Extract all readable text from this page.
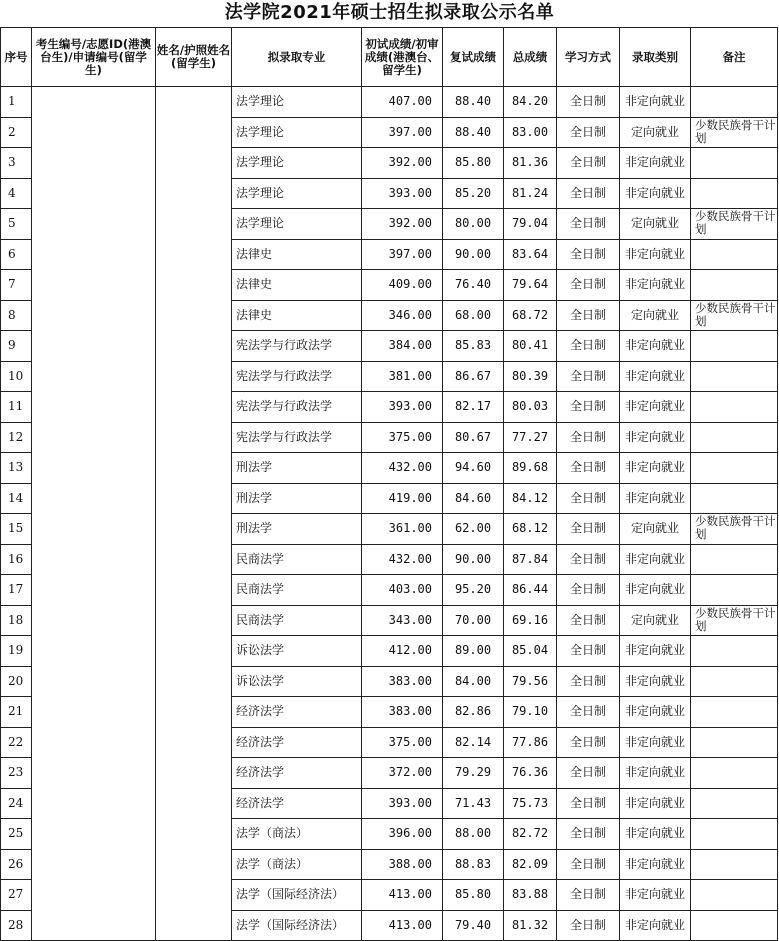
法学院2021年硕士招生拟录取公示名单
序号	考生编号/志愿ID(港澳台生)/申请编号(留学生)	姓名/护照姓名(留学生)	拟录取专业	初试成绩/初审成绩(港澳台、留学生)	复试成绩	总成绩	学习方式	录取类别	备注
1			法学理论	407.00	88.40	84.20	全日制	非定向就业	
2			法学理论	397.00	88.40	83.00	全日制	定向就业	少数民族骨干计划
3			法学理论	392.00	85.80	81.36	全日制	非定向就业	
4			法学理论	393.00	85.20	81.24	全日制	非定向就业	
5			法学理论	392.00	80.00	79.04	全日制	定向就业	少数民族骨干计划
6			法律史	397.00	90.00	83.64	全日制	非定向就业	
7			法律史	409.00	76.40	79.64	全日制	非定向就业	
8			法律史	346.00	68.00	68.72	全日制	定向就业	少数民族骨干计划
9			宪法学与行政法学	384.00	85.83	80.41	全日制	非定向就业	
10			宪法学与行政法学	381.00	86.67	80.39	全日制	非定向就业	
11			宪法学与行政法学	393.00	82.17	80.03	全日制	非定向就业	
12			宪法学与行政法学	375.00	80.67	77.27	全日制	非定向就业	
13			刑法学	432.00	94.60	89.68	全日制	非定向就业	
14			刑法学	419.00	84.60	84.12	全日制	非定向就业	
15			刑法学	361.00	62.00	68.12	全日制	定向就业	少数民族骨干计划
16			民商法学	432.00	90.00	87.84	全日制	非定向就业	
17			民商法学	403.00	95.20	86.44	全日制	非定向就业	
18			民商法学	343.00	70.00	69.16	全日制	定向就业	少数民族骨干计划
19			诉讼法学	412.00	89.00	85.04	全日制	非定向就业	
20			诉讼法学	383.00	84.00	79.56	全日制	非定向就业	
21			经济法学	383.00	82.86	79.10	全日制	非定向就业	
22			经济法学	375.00	82.14	77.86	全日制	非定向就业	
23			经济法学	372.00	79.29	76.36	全日制	非定向就业	
24			经济法学	393.00	71.43	75.73	全日制	非定向就业	
25			法学（商法）	396.00	88.00	82.72	全日制	非定向就业	
26			法学（商法）	388.00	88.83	82.09	全日制	非定向就业	
27			法学（国际经济法）	413.00	85.80	83.88	全日制	非定向就业	
28			法学（国际经济法）	413.00	79.40	81.32	全日制	非定向就业	
